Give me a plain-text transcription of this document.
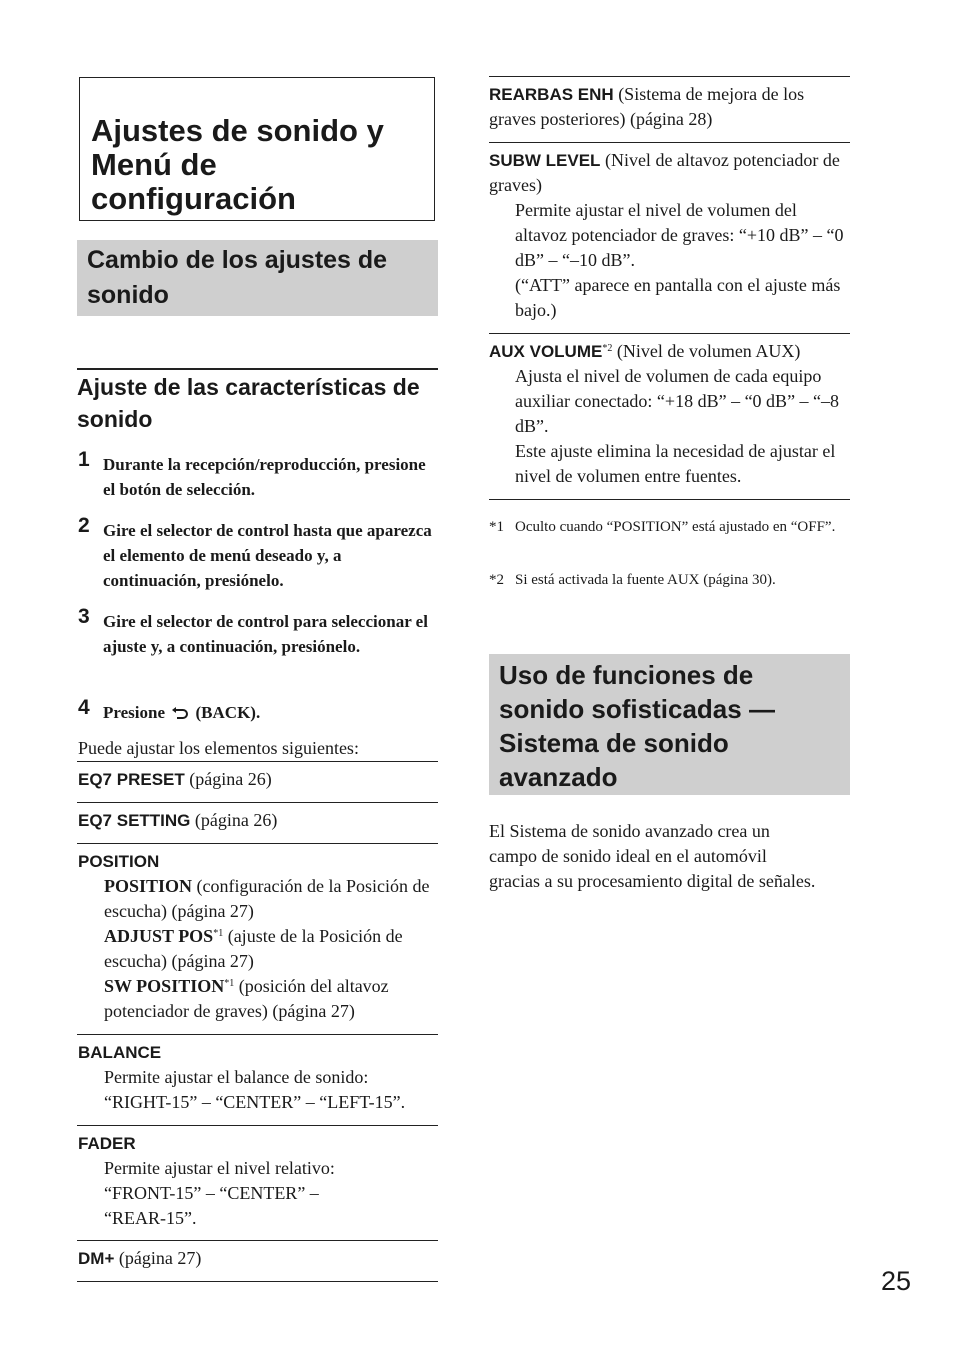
Ajustes de sonido y Menú de configuración
Cambio de los ajustes de sonido
Ajuste de las características de sonido
1 Durante la recepción/reproducción, presione el botón de selección.
2 Gire el selector de control hasta que aparezca el elemento de menú deseado y, a continuación, presiónelo.
3 Gire el selector de control para seleccionar el ajuste y, a continuación, presiónelo.
4 Presione (BACK).
Puede ajustar los elementos siguientes:
EQ7 PRESET (página 26)
EQ7 SETTING (página 26)
POSITION
POSITION (configuración de la Posición de escucha) (página 27)
ADJUST POS$^{*1}$ (ajuste de la Posición de escucha) (página 27)
SW POSITION$^{*1}$ (posición del altavoz potenciador de graves) (página 27)
BALANCE
Permite ajustar el balance de sonido: “RIGHT-15” – “CENTER” – “LEFT-15”.
FADER
Permite ajustar el nivel relativo: “FRONT-15” – “CENTER” – “REAR-15”.
DM+ (página 27)
REARBAS ENH (Sistema de mejora de los graves posteriores) (página 28)
SUBW LEVEL (Nivel de altavoz potenciador de graves)
Permite ajustar el nivel de volumen del altavoz potenciador de graves: “+10 dB” – “0 dB” – “–10 dB”.
(“ATT” aparece en pantalla con el ajuste más bajo.)
AUX VOLUME$^{*2}$ (Nivel de volumen AUX)
Ajusta el nivel de volumen de cada equipo auxiliar conectado: “+18 dB” – “0 dB” – “–8 dB”.
Este ajuste elimina la necesidad de ajustar el nivel de volumen entre fuentes.
*1 Oculto cuando “POSITION” está ajustado en “OFF”.
*2 Si está activada la fuente AUX (página 30).
Uso de funciones de sonido sofisticadas — Sistema de sonido avanzado
El Sistema de sonido avanzado crea un campo de sonido ideal en el automóvil gracias a su procesamiento digital de señales.
25
